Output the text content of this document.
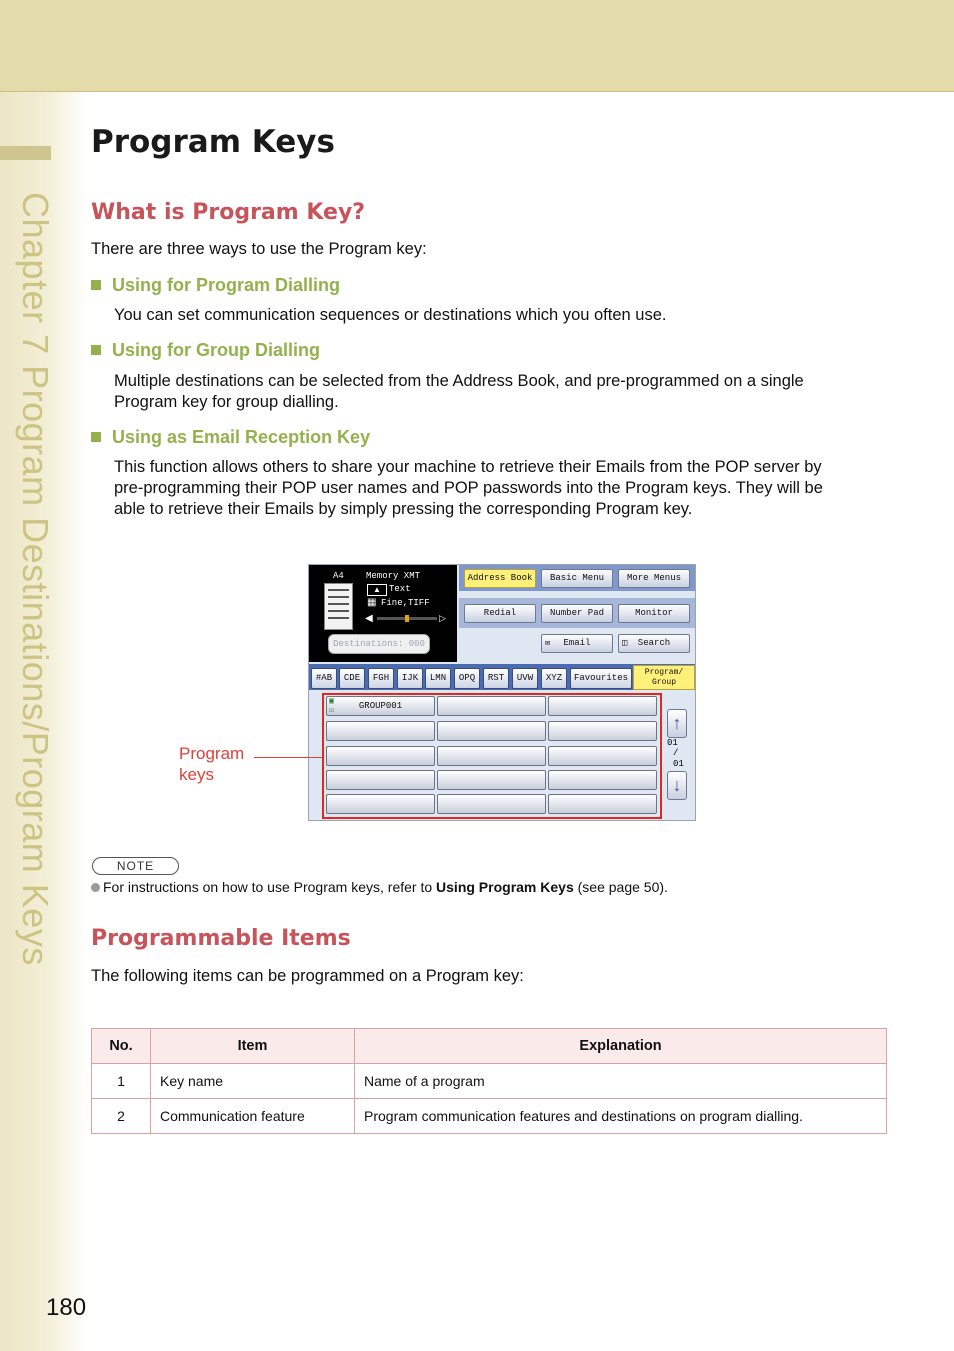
Chapter 7 Program Destinations/Program Keys
Program Keys
What is Program Key?

There are three ways to use the Program key:

Using for Program Dialling

You can set communication sequences or destinations which you often use.

Using for Group Dialling

Multiple destinations can be selected from the Address Book, and pre-programmed on a single

Program key for group dialling.

Using as Email Reception Key

This function allows others to share your machine to retrieve their Emails from the POP server by

pre-programming their POP user names and POP passwords into the Program keys. They will be

able to retrieve their Emails by simply pressing the corresponding Program key.

A4 Memory XMT
▲ Text
▦ Fine,TIFF
◀	▷
Destinations: 000
Address Book	Basic Menu	More Menus
Redial	Number Pad	Monitor
✉ Email	◫ Search
#AB	CDE	FGH	IJK	LMN	OPQ	RST	UVW	XYZ	Favourites
Program/
Group
▣
☑	GROUP001
↑
01
/
01
↓
Program
keys
NOTE
For instructions on how to use Program keys, refer to Using Program Keys (see page 50).
Programmable Items

The following items can be programmed on a Program key:

No.	Item	Explanation
1	Key name	Name of a program
2	Communication feature	Program communication features and destinations on program dialling.
180
